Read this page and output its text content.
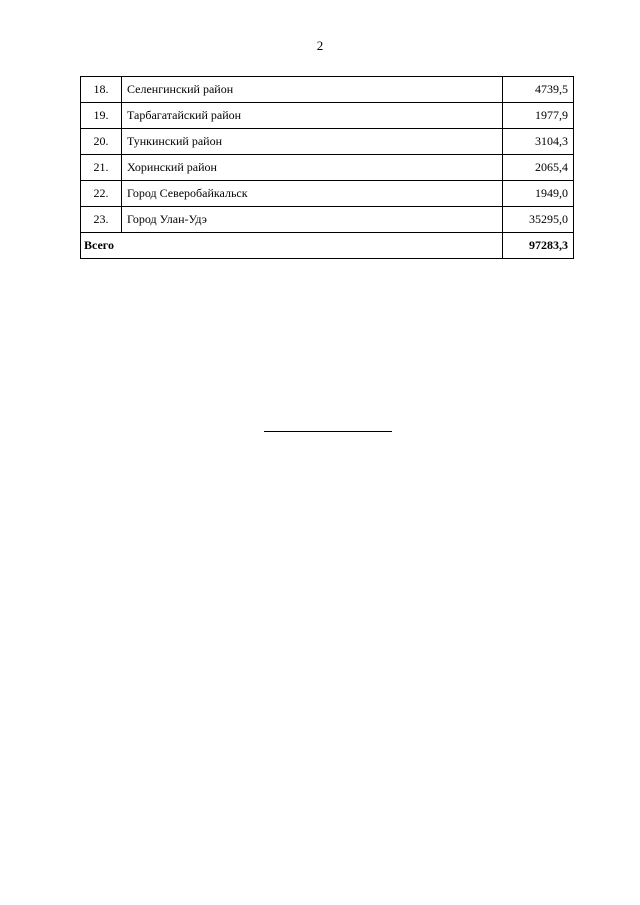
2
18.	Селенгинский район	4739,5
19.	Тарбагатайский район	1977,9
20.	Тункинский район	3104,3
21.	Хоринский район	2065,4
22.	Город Северобайкальск	1949,0
23.	Город Улан-Удэ	35295,0
Всего		97283,3
